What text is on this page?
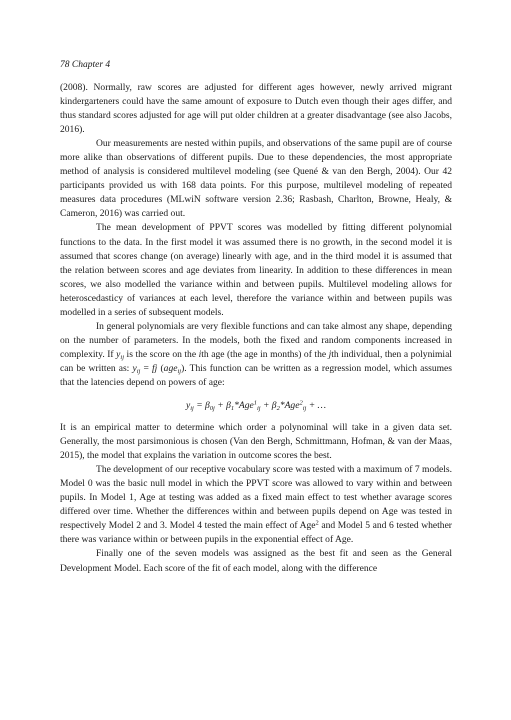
78 Chapter 4

(2008). Normally, raw scores are adjusted for different ages however, newly arrived migrant kindergarteners could have the same amount of exposure to Dutch even though their ages differ, and thus standard scores adjusted for age will put older children at a greater disadvantage (see also Jacobs, 2016).

Our measurements are nested within pupils, and observations of the same pupil are of course more alike than observations of different pupils. Due to these dependencies, the most appropriate method of analysis is considered multilevel modeling (see Quené & van den Bergh, 2004). Our 42 participants provided us with 168 data points. For this purpose, multilevel modeling of repeated measures data procedures (MLwiN software version 2.36; Rasbash, Charlton, Browne, Healy, & Cameron, 2016) was carried out.

The mean development of PPVT scores was modelled by fitting different polynomial functions to the data. In the first model it was assumed there is no growth, in the second model it is assumed that scores change (on average) linearly with age, and in the third model it is assumed that the relation between scores and age deviates from linearity. In addition to these differences in mean scores, we also modelled the variance within and between pupils. Multilevel modeling allows for heteroscedasticy of variances at each level, therefore the variance within and between pupils was modelled in a series of subsequent models.

In general polynomials are very flexible functions and can take almost any shape, depending on the number of parameters. In the models, both the fixed and random components increased in complexity. If $y_{ij}$ is the score on the ith age (the age in months) of the jth individual, then a polynimial can be written as: $y_{ij}$ = fj (age$_{ij}$). This function can be written as a regression model, which assumes that the latencies depend on powers of age:

$y_{ij} = \beta_{0j} + \beta_1*Age^1_{ij} + \beta_2*Age^2_{ij}$ + …

It is an empirical matter to determine which order a polynominal will take in a given data set. Generally, the most parsimonious is chosen (Van den Bergh, Schmittmann, Hofman, & van der Maas, 2015), the model that explains the variation in outcome scores the best.

The development of our receptive vocabulary score was tested with a maximum of 7 models. Model 0 was the basic null model in which the PPVT score was allowed to vary within and between pupils. In Model 1, Age at testing was added as a fixed main effect to test whether avarage scores differed over time. Whether the differences within and between pupils depend on Age was tested in respectively Model 2 and 3. Model 4 tested the main effect of Age$^2$ and Model 5 and 6 tested whether there was variance within or between pupils in the exponential effect of Age.

Finally one of the seven models was assigned as the best fit and seen as the General Development Model. Each score of the fit of each model, along with the difference
